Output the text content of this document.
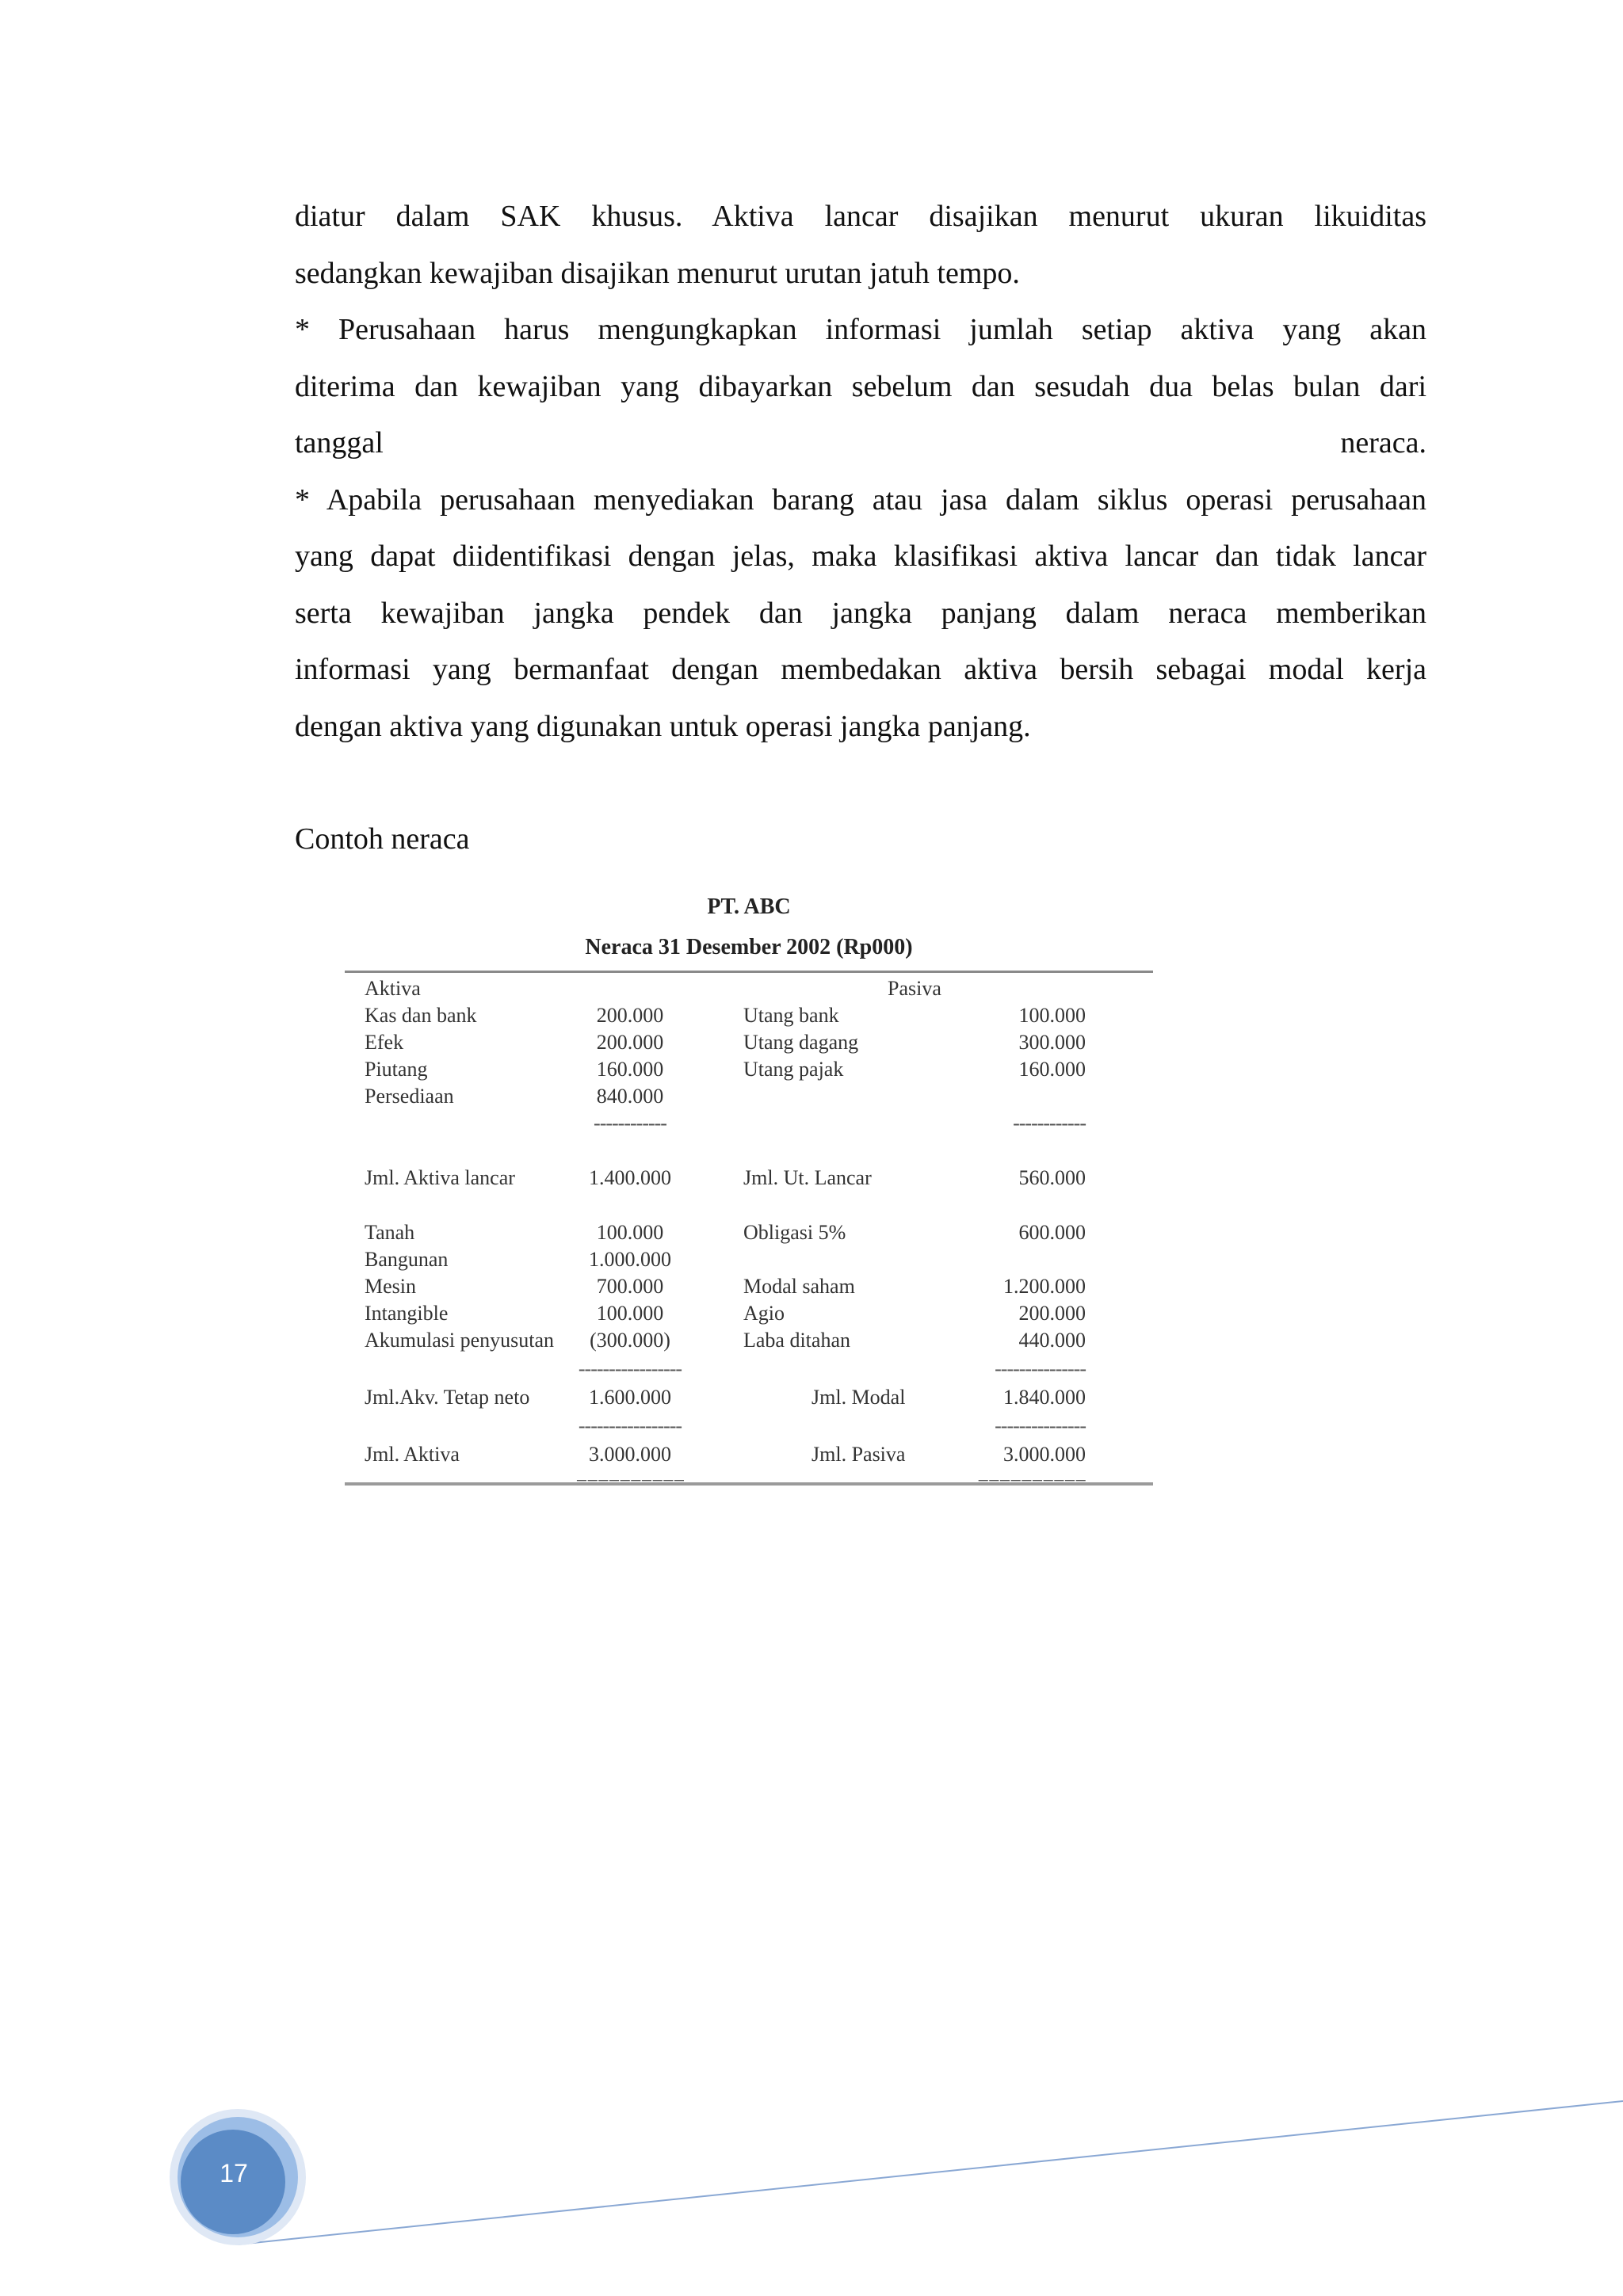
diatur dalam SAK khusus. Aktiva lancar disajikan menurut ukuran likuiditas
sedangkan kewajiban disajikan menurut urutan jatuh tempo.
* Perusahaan harus mengungkapkan informasi jumlah setiap aktiva yang akan
diterima dan kewajiban yang dibayarkan sebelum dan sesudah dua belas bulan dari
tanggal neraca.
* Apabila perusahaan menyediakan barang atau jasa dalam siklus operasi perusahaan
yang dapat diidentifikasi dengan jelas, maka klasifikasi aktiva lancar dan tidak lancar
serta kewajiban jangka pendek dan jangka panjang dalam neraca memberikan
informasi yang bermanfaat dengan membedakan aktiva bersih sebagai modal kerja
dengan aktiva yang digunakan untuk operasi jangka panjang.
Contoh neraca
PT. ABC
Neraca 31 Desember 2002 (Rp000)
Aktiva	Pasiva
Kas dan bank	200.000	Utang bank	100.000
Efek	200.000	Utang dagang	300.000
Piutang	160.000	Utang pajak	160.000
Persediaan	840.000
------------	------------
Jml. Aktiva lancar	1.400.000	Jml. Ut. Lancar	560.000
Tanah	100.000	Obligasi 5%	600.000
Bangunan	1.000.000
Mesin	700.000	Modal saham	1.200.000
Intangible	100.000	Agio	200.000
Akumulasi penyusutan	(300.000)	Laba ditahan	440.000
-----------------	---------------
Jml.Akv. Tetap neto	1.600.000	Jml. Modal	1.840.000
-----------------	---------------
Jml. Aktiva	3.000.000	Jml. Pasiva	3.000.000
==========	==========
17
